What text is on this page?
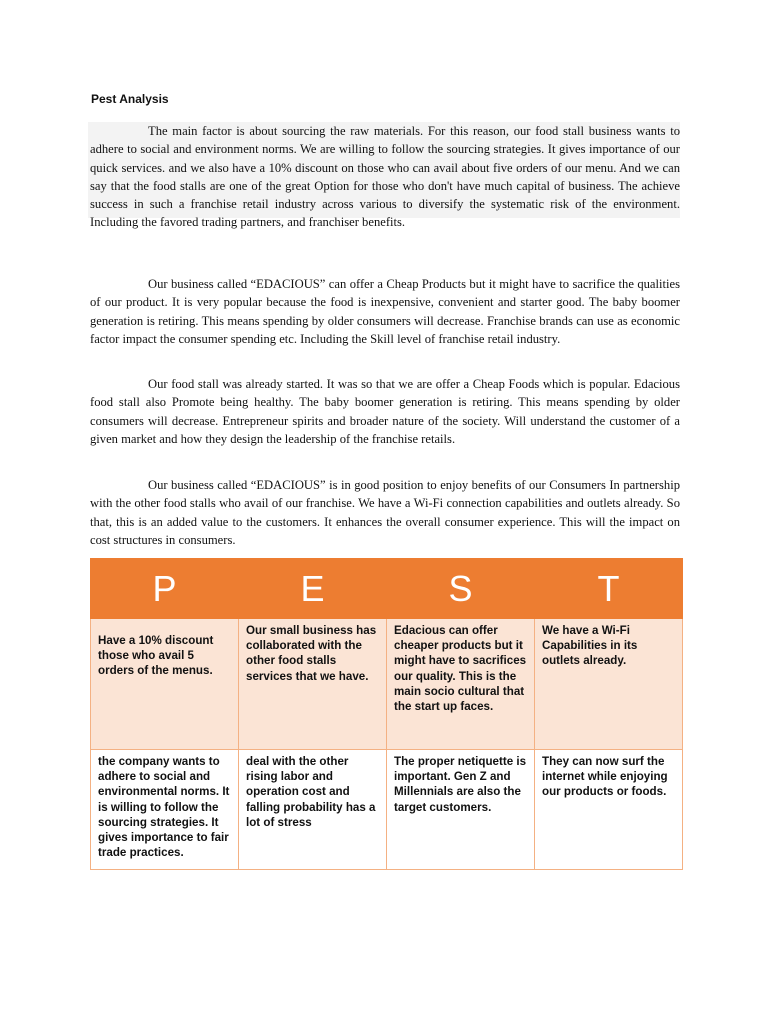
Pest Analysis

The main factor is about sourcing the raw materials. For this reason, our food stall business wants to adhere to social and environment norms. We are willing to follow the sourcing strategies. It gives importance of our quick services. and we also have a 10% discount on those who can avail about five orders of our menu. And we can say that the food stalls are one of the great Option for those who don't have much capital of business. The achieve success in such a franchise retail industry across various to diversify the systematic risk of the environment. Including the favored trading partners, and franchiser benefits.

Our business called “EDACIOUS” can offer a Cheap Products but it might have to sacrifice the qualities of our product. It is very popular because the food is inexpensive, convenient and starter good. The baby boomer generation is retiring. This means spending by older consumers will decrease. Franchise brands can use as economic factor impact the consumer spending etc. Including the Skill level of franchise retail industry.

Our food stall was already started. It was so that we are offer a Cheap Foods which is popular. Edacious food stall also Promote being healthy. The baby boomer generation is retiring. This means spending by older consumers will decrease. Entrepreneur spirits and broader nature of the society. Will understand the customer of a given market and how they design the leadership of the franchise retails.

Our business called “EDACIOUS” is in good position to enjoy benefits of our Consumers In partnership with the other food stalls who avail of our franchise. We have a Wi-Fi connection capabilities and outlets already. So that, this is an added value to the customers. It enhances the overall consumer experience. This will the impact on cost structures in consumers.

P	E	S	T
Have a 10% discount those who avail 5 orders of the menus.	Our small business has collaborated with the other food stalls services that we have.	Edacious can offer cheaper products but it might have to sacrifices our quality. This is the main socio cultural that the start up faces.	We have a Wi-Fi Capabilities in its outlets already.
the company wants to adhere to social and environmental norms. It is willing to follow the sourcing strategies. It gives importance to fair trade practices.	deal with the other rising labor and operation cost and falling probability has a lot of stress	The proper netiquette is important. Gen Z and Millennials are also the target customers.	They can now surf the internet while enjoying our products or foods.
